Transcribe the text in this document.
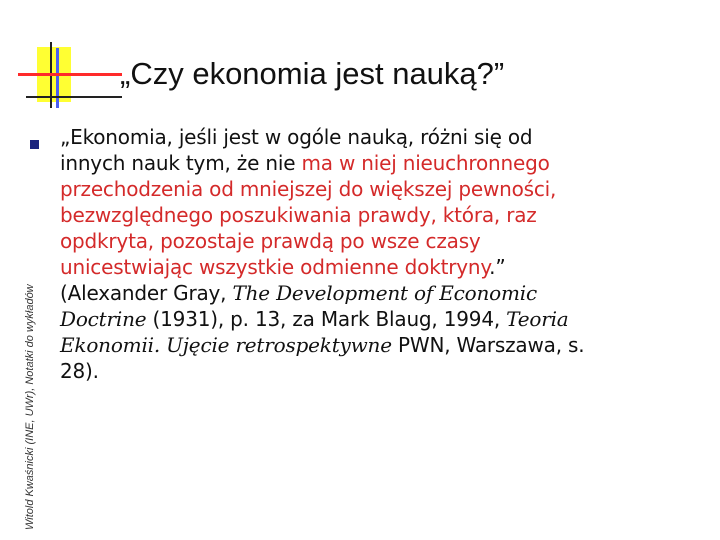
„Czy ekonomia jest nauką?”
Witold Kwaśnicki (INE, UWr), Notatki do wykładów
„Ekonomia, jeśli jest w ogóle nauką, różni się od
innych nauk tym, że nie ma w niej nieuchronnego
przechodzenia od mniejszej do większej pewności,
bezwzględnego poszukiwania prawdy, która, raz
opdkryta, pozostaje prawdą po wsze czasy
unicestwiając wszystkie odmienne doktryny.”
(Alexander Gray, The Development of Economic
Doctrine (1931), p. 13, za Mark Blaug, 1994, Teoria
Ekonomii. Ujęcie retrospektywne PWN, Warszawa, s.
28).
